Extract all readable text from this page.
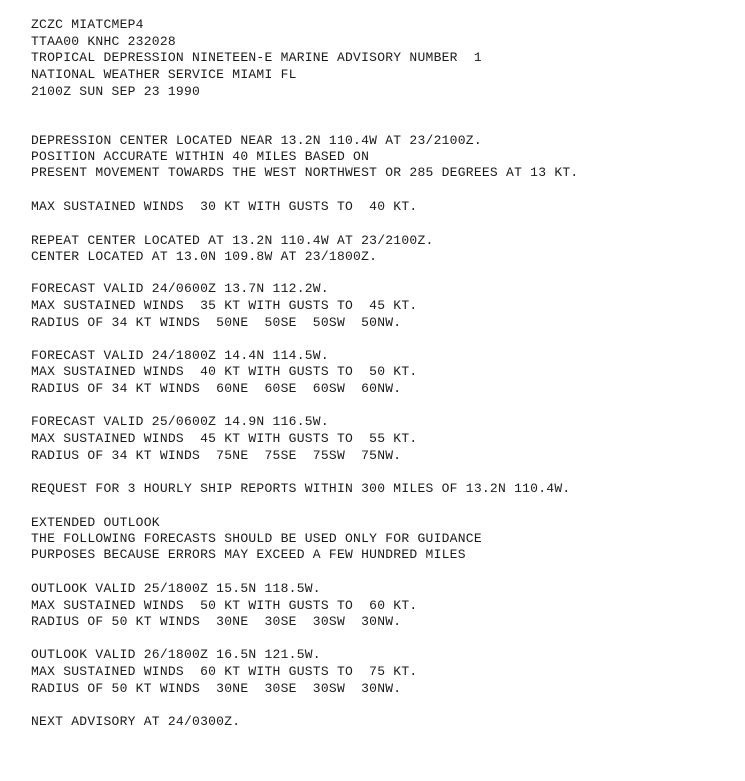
ZCZC MIATCMEP4
TTAA00 KNHC 232028
TROPICAL DEPRESSION NINETEEN-E MARINE ADVISORY NUMBER  1
NATIONAL WEATHER SERVICE MIAMI FL
2100Z SUN SEP 23 1990
DEPRESSION CENTER LOCATED NEAR 13.2N 110.4W AT 23/2100Z.
POSITION ACCURATE WITHIN 40 MILES BASED ON
PRESENT MOVEMENT TOWARDS THE WEST NORTHWEST OR 285 DEGREES AT 13 KT.
MAX SUSTAINED WINDS  30 KT WITH GUSTS TO  40 KT.
REPEAT CENTER LOCATED AT 13.2N 110.4W AT 23/2100Z.
CENTER LOCATED AT 13.0N 109.8W AT 23/1800Z.
FORECAST VALID 24/0600Z 13.7N 112.2W.
MAX SUSTAINED WINDS  35 KT WITH GUSTS TO  45 KT.
RADIUS OF 34 KT WINDS  50NE  50SE  50SW  50NW.
FORECAST VALID 24/1800Z 14.4N 114.5W.
MAX SUSTAINED WINDS  40 KT WITH GUSTS TO  50 KT.
RADIUS OF 34 KT WINDS  60NE  60SE  60SW  60NW.
FORECAST VALID 25/0600Z 14.9N 116.5W.
MAX SUSTAINED WINDS  45 KT WITH GUSTS TO  55 KT.
RADIUS OF 34 KT WINDS  75NE  75SE  75SW  75NW.
REQUEST FOR 3 HOURLY SHIP REPORTS WITHIN 300 MILES OF 13.2N 110.4W.
EXTENDED OUTLOOK
THE FOLLOWING FORECASTS SHOULD BE USED ONLY FOR GUIDANCE
PURPOSES BECAUSE ERRORS MAY EXCEED A FEW HUNDRED MILES
OUTLOOK VALID 25/1800Z 15.5N 118.5W.
MAX SUSTAINED WINDS  50 KT WITH GUSTS TO  60 KT.
RADIUS OF 50 KT WINDS  30NE  30SE  30SW  30NW.
OUTLOOK VALID 26/1800Z 16.5N 121.5W.
MAX SUSTAINED WINDS  60 KT WITH GUSTS TO  75 KT.
RADIUS OF 50 KT WINDS  30NE  30SE  30SW  30NW.
NEXT ADVISORY AT 24/0300Z.
